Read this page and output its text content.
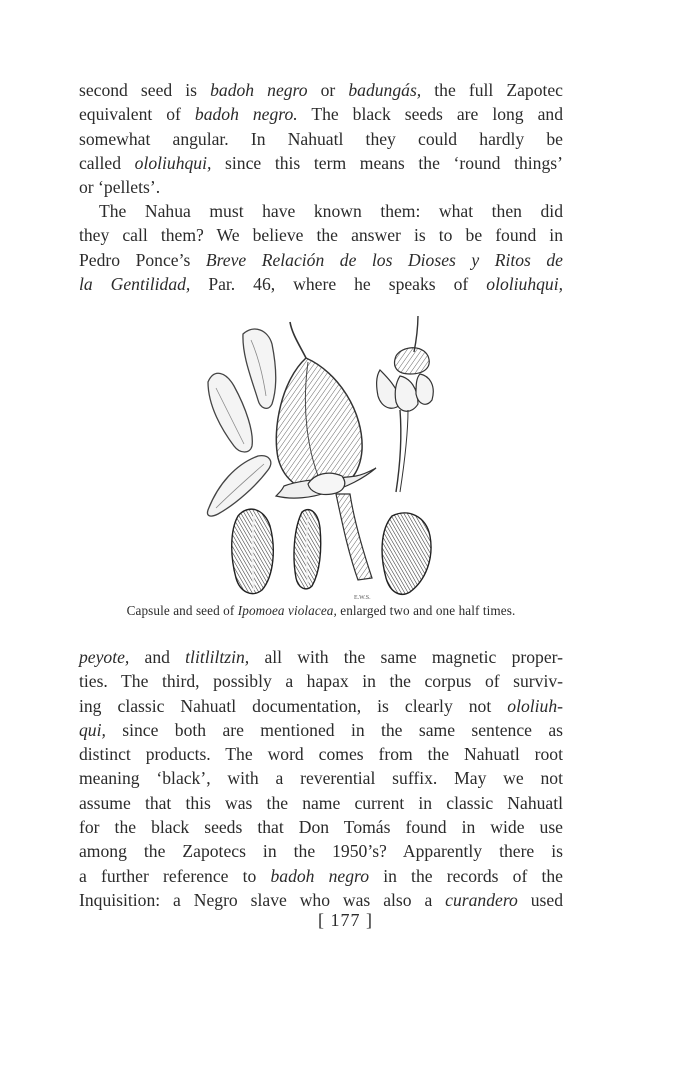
second seed is badoh negro or badungás, the full Zapotec
equivalent of badoh negro. The black seeds are long and
somewhat angular. In Nahuatl they could hardly be
called ololiuhqui, since this term means the ‘round things’
or ‘pellets’.
The Nahua must have known them: what then did
they call them? We believe the answer is to be found in
Pedro Ponce’s Breve Relación de los Dioses y Ritos de
la Gentilidad, Par. 46, where he speaks of ololiuhqui,
E.W.S.
Capsule and seed of Ipomoea violacea, enlarged two and one half times.
peyote, and tlitliltzin, all with the same magnetic proper-
ties. The third, possibly a hapax in the corpus of surviv-
ing classic Nahuatl documentation, is clearly not ololiuh-
qui, since both are mentioned in the same sentence as
distinct products. The word comes from the Nahuatl root
meaning ‘black’, with a reverential suffix. May we not
assume that this was the name current in classic Nahuatl
for the black seeds that Don Tomás found in wide use
among the Zapotecs in the 1950’s? Apparently there is
a further reference to badoh negro in the records of the
Inquisition: a Negro slave who was also a curandero used
[ 177 ]
